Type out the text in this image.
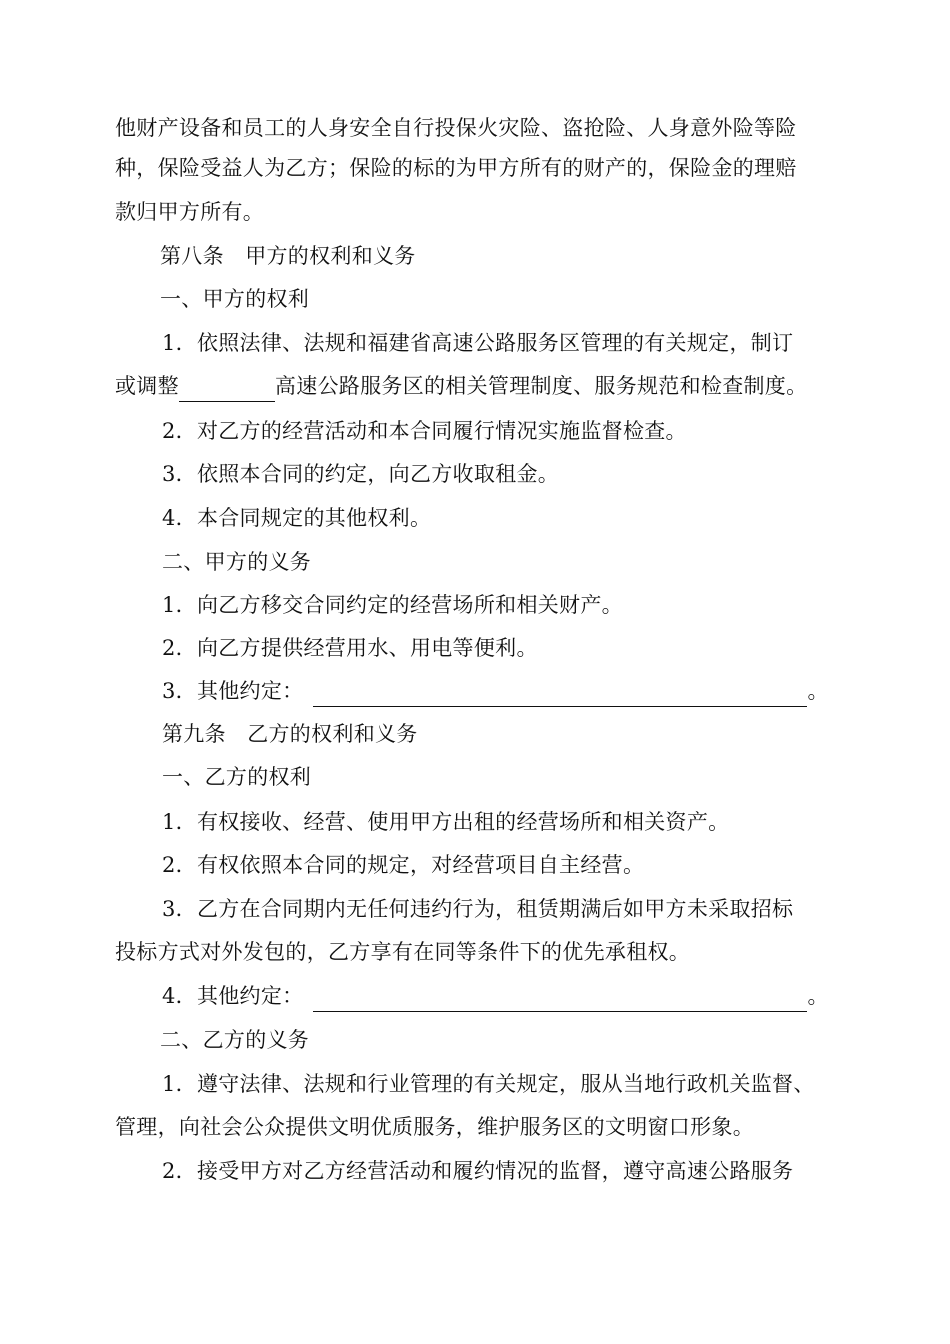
他财产设备和员工的人身安全自行投保火灾险、盗抢险、人身意外险等险
种，保险受益人为乙方；保险的标的为甲方所有的财产的，保险金的理赔
款归甲方所有。
第八条　甲方的权利和义务
一、甲方的权利
1．依照法律、法规和福建省高速公路服务区管理的有关规定，制订
或调整	高速公路服务区的相关管理制度、服务规范和检查制度。
2．对乙方的经营活动和本合同履行情况实施监督检查。
3．依照本合同的约定，向乙方收取租金。
4．本合同规定的其他权利。
二、甲方的义务
1．向乙方移交合同约定的经营场所和相关财产。
2．向乙方提供经营用水、用电等便利。
3．其他约定：	。
第九条　乙方的权利和义务
一、乙方的权利
1．有权接收、经营、使用甲方出租的经营场所和相关资产。
2．有权依照本合同的规定，对经营项目自主经营。
3．乙方在合同期内无任何违约行为，租赁期满后如甲方未采取招标
投标方式对外发包的，乙方享有在同等条件下的优先承租权。
4．其他约定：	。
二、乙方的义务
1．遵守法律、法规和行业管理的有关规定，服从当地行政机关监督、
管理，向社会公众提供文明优质服务，维护服务区的文明窗口形象。
2．接受甲方对乙方经营活动和履约情况的监督，遵守高速公路服务
